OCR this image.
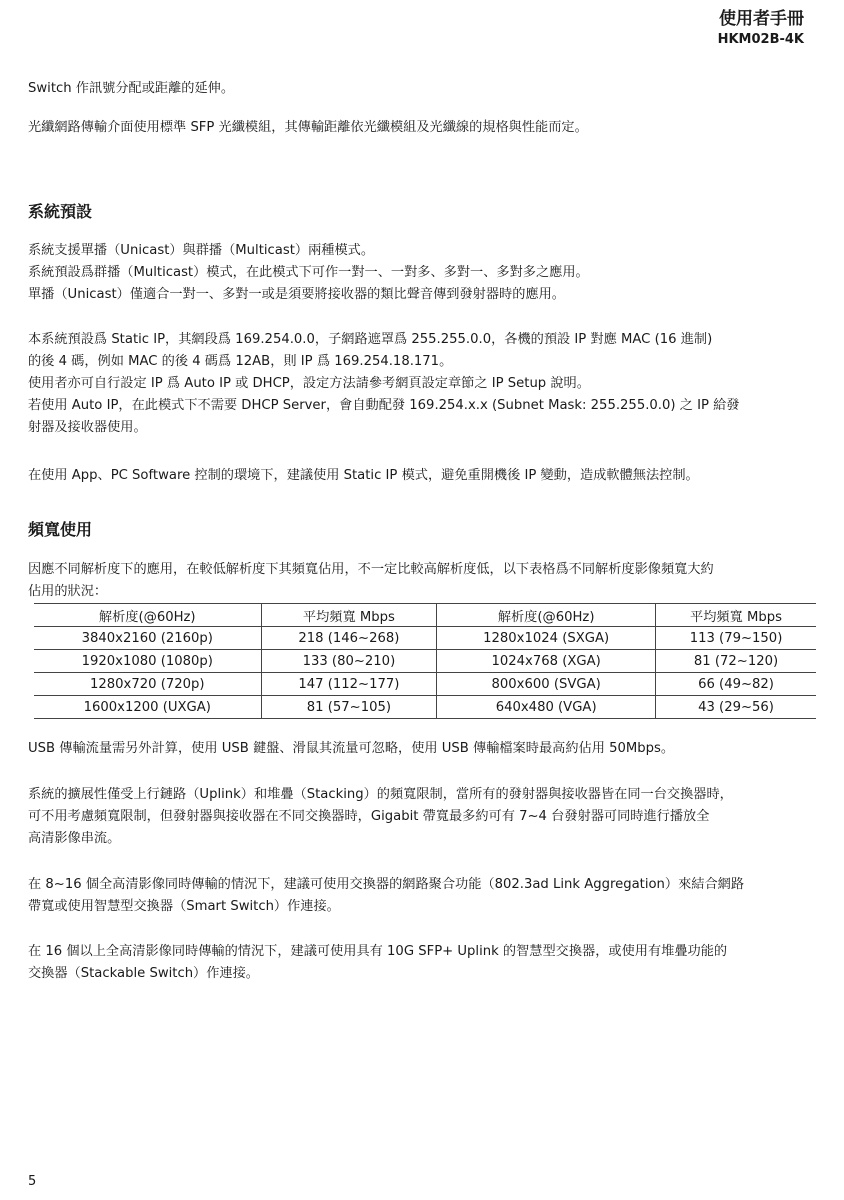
使用者手冊
HKM02B-4K

Switch 作訊號分配或距離的延伸。

光纖網路傳輸介面使用標準 SFP 光纖模組，其傳輸距離依光纖模組及光纖線的規格與性能而定。

系統預設

系統支援單播（Unicast）與群播（Multicast）兩種模式。
系統預設爲群播（Multicast）模式，在此模式下可作一對一、一對多、多對一、多對多之應用。
單播（Unicast）僅適合一對一、多對一或是須要將接收器的類比聲音傳到發射器時的應用。

本系統預設爲 Static IP，其網段爲 169.254.0.0，子網路遮罩爲 255.255.0.0，各機的預設 IP 對應 MAC (16 進制)
的後 4 碼，例如 MAC 的後 4 碼爲 12AB，則 IP 爲 169.254.18.171。
使用者亦可自行設定 IP 爲 Auto IP 或 DHCP，設定方法請參考網頁設定章節之 IP Setup 說明。
若使用 Auto IP，在此模式下不需要 DHCP Server，會自動配發 169.254.x.x (Subnet Mask: 255.255.0.0) 之 IP 給發
射器及接收器使用。

在使用 App、PC Software 控制的環境下，建議使用 Static IP 模式，避免重開機後 IP 變動，造成軟體無法控制。

頻寬使用

因應不同解析度下的應用，在較低解析度下其頻寬佔用，不一定比較高解析度低，以下表格爲不同解析度影像頻寬大約
佔用的狀況：

解析度(@60Hz)	平均頻寬 Mbps	解析度(@60Hz)	平均頻寬 Mbps
3840x2160 (2160p)	218 (146~268)	1280x1024 (SXGA)	113 (79~150)
1920x1080 (1080p)	133 (80~210)	1024x768 (XGA)	81 (72~120)
1280x720 (720p)	147 (112~177)	800x600 (SVGA)	66 (49~82)
1600x1200 (UXGA)	81 (57~105)	640x480 (VGA)	43 (29~56)

USB 傳輸流量需另外計算，使用 USB 鍵盤、滑鼠其流量可忽略，使用 USB 傳輸檔案時最高約佔用 50Mbps。

系統的擴展性僅受上行鏈路（Uplink）和堆疊（Stacking）的頻寬限制，當所有的發射器與接收器皆在同一台交換器時，
可不用考慮頻寬限制，但發射器與接收器在不同交換器時，Gigabit 帶寬最多約可有 7~4 台發射器可同時進行播放全
高清影像串流。

在 8~16 個全高清影像同時傳輸的情況下，建議可使用交換器的網路聚合功能（802.3ad Link Aggregation）來結合網路
帶寬或使用智慧型交換器（Smart Switch）作連接。

在 16 個以上全高清影像同時傳輸的情況下，建議可使用具有 10G SFP+ Uplink 的智慧型交換器，或使用有堆疊功能的
交換器（Stackable Switch）作連接。

5
